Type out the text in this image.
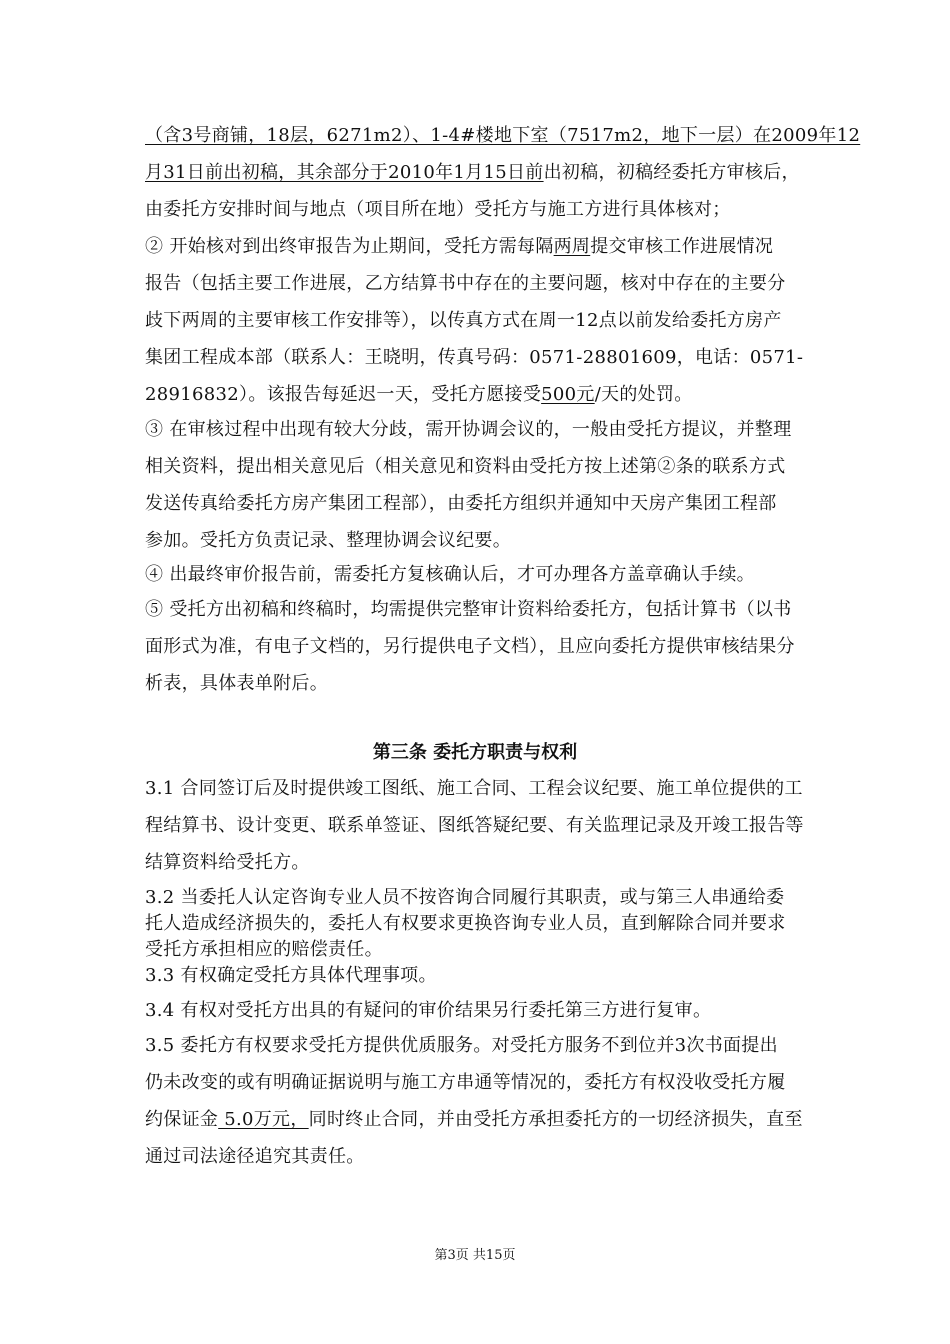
（含3号商铺，18层，6271m2）、1-4#楼地下室（7517m2，地下一层）在2009年12
月31日前出初稿，其余部分于2010年1月15日前出初稿，初稿经委托方审核后，
由委托方安排时间与地点（项目所在地）受托方与施工方进行具体核对；
② 开始核对到出终审报告为止期间，受托方需每隔两周提交审核工作进展情况
报告（包括主要工作进展，乙方结算书中存在的主要问题，核对中存在的主要分
歧下两周的主要审核工作安排等），以传真方式在周一12点以前发给委托方房产
集团工程成本部（联系人：王晓明，传真号码：0571-28801609，电话：0571-
28916832）。该报告每延迟一天，受托方愿接受500元/天的处罚。
③ 在审核过程中出现有较大分歧，需开协调会议的，一般由受托方提议，并整理
相关资料，提出相关意见后（相关意见和资料由受托方按上述第②条的联系方式
发送传真给委托方房产集团工程部），由委托方组织并通知中天房产集团工程部
参加。受托方负责记录、整理协调会议纪要。
④ 出最终审价报告前，需委托方复核确认后，才可办理各方盖章确认手续。
⑤ 受托方出初稿和终稿时，均需提供完整审计资料给委托方，包括计算书（以书
面形式为准，有电子文档的，另行提供电子文档），且应向委托方提供审核结果分
析表，具体表单附后。
第三条 委托方职责与权利
3.1 合同签订后及时提供竣工图纸、施工合同、工程会议纪要、施工单位提供的工
程结算书、设计变更、联系单签证、图纸答疑纪要、有关监理记录及开竣工报告等
结算资料给受托方。
3.2 当委托人认定咨询专业人员不按咨询合同履行其职责，或与第三人串通给委
托人造成经济损失的，委托人有权要求更换咨询专业人员，直到解除合同并要求
受托方承担相应的赔偿责任。
3.3 有权确定受托方具体代理事项。
3.4 有权对受托方出具的有疑问的审价结果另行委托第三方进行复审。
3.5 委托方有权要求受托方提供优质服务。对受托方服务不到位并3次书面提出
仍未改变的或有明确证据说明与施工方串通等情况的，委托方有权没收受托方履
约保证金 5.0万元，同时终止合同，并由受托方承担委托方的一切经济损失，直至
通过司法途径追究其责任。
第3页 共15页
